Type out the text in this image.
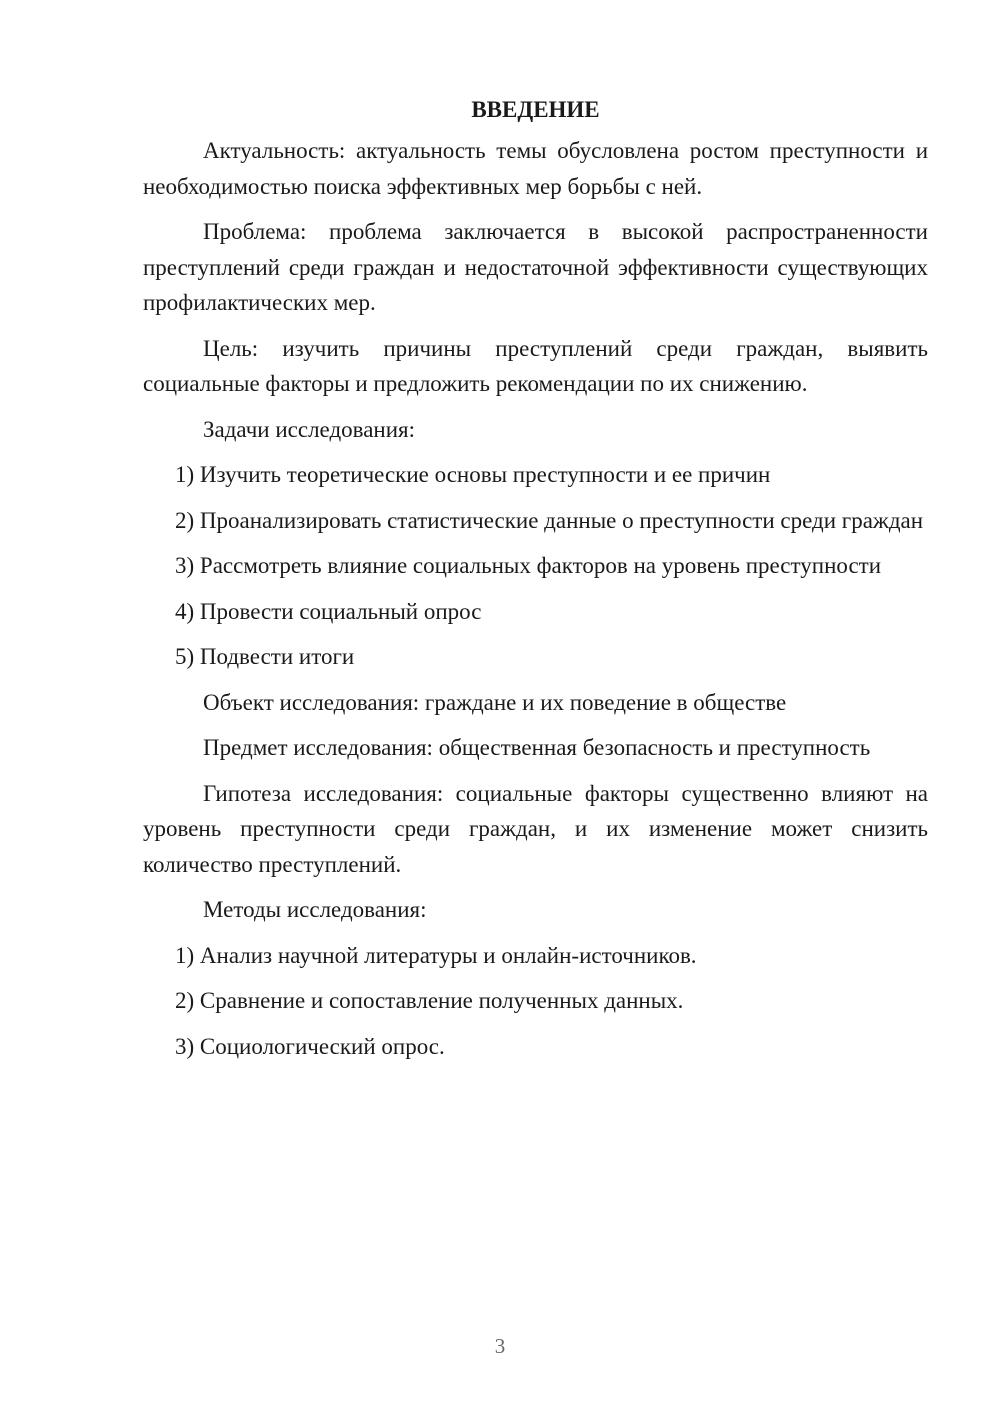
ВВЕДЕНИЕ

Актуальность: актуальность темы обусловлена ростом преступности и необходимостью поиска эффективных мер борьбы с ней.

Проблема: проблема заключается в высокой распространенности преступлений среди граждан и недостаточной эффективности существующих профилактических мер.

Цель: изучить причины преступлений среди граждан, выявить социальные факторы и предложить рекомендации по их снижению.

Задачи исследования:

1) Изучить теоретические основы преступности и ее причин

2) Проанализировать статистические данные о преступности среди граждан

3) Рассмотреть влияние социальных факторов на уровень преступности

4) Провести социальный опрос

5) Подвести итоги

Объект исследования: граждане и их поведение в обществе

Предмет исследования: общественная безопасность и преступность

Гипотеза исследования: социальные факторы существенно влияют на уровень преступности среди граждан, и их изменение может снизить количество преступлений.

Методы исследования:

1) Анализ научной литературы и онлайн-источников.

2) Сравнение и сопоставление полученных данных.

3) Социологический опрос.

3
